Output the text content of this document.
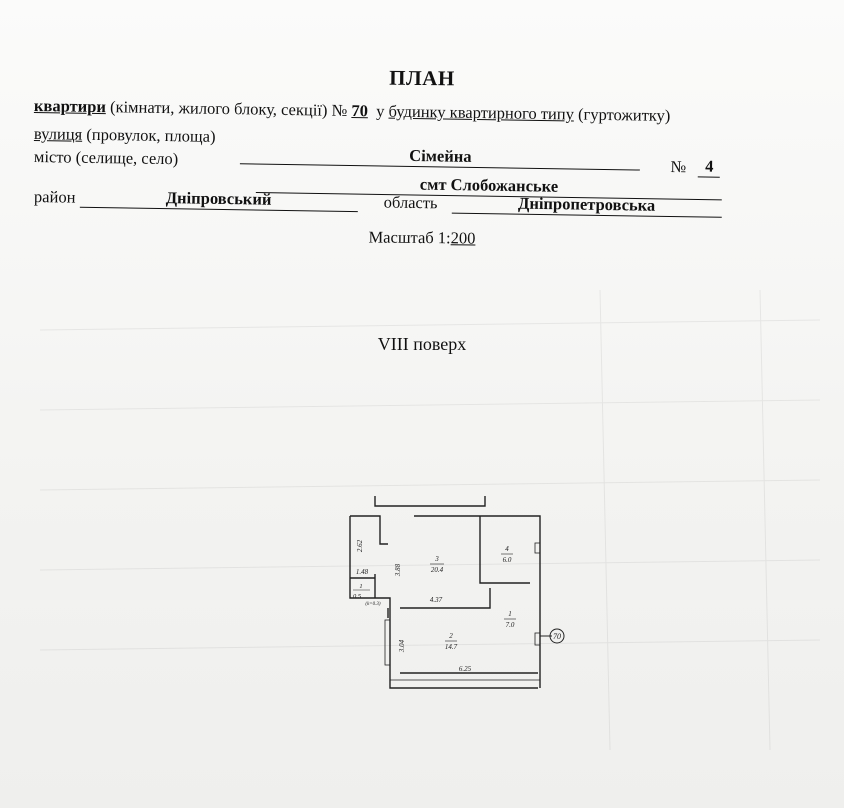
ПЛАН
квартири (кімнати, жилого блоку, секції) № 70 у будинку квартирного типу (гуртожитку)
вулиця (провулок, площа)
місто (селище, село)	Сімейна № 4
смт Слобожанське
район	Дніпровський	область	Дніпропетровська
Масштаб 1:200
VIII поверх
70
3
20.4
4
6.0
1
7.0
2
14.7
1
0.5
(k=0.3)
2.62
1.48	3.88
4.37
3.04
6.25
